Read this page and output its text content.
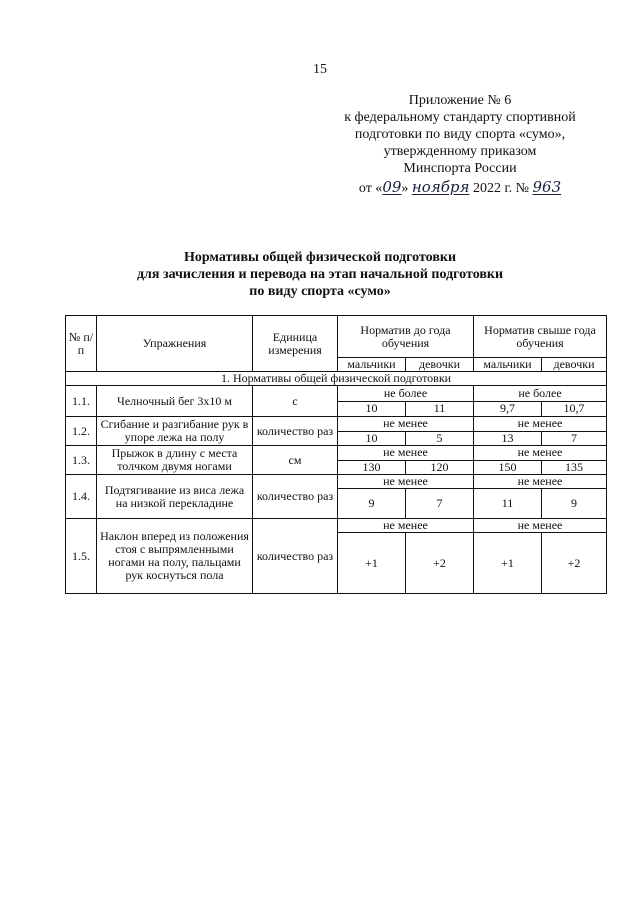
15
Приложение № 6
к федеральному стандарту спортивной
подготовки по виду спорта «сумо»,
утвержденному приказом
Минспорта России
от «09» ноября 2022 г. № 963
Нормативы общей физической подготовки
для зачисления и перевода на этап начальной подготовки
по виду спорта «сумо»
№ п/п	Упражнения	Единица измерения	Норматив до года обучения		Норматив свыше года обучения	
			мальчики	девочки	мальчики	девочки
1. Нормативы общей физической подготовки						
1.1.	Челночный бег 3х10 м	с	не более		не более	
			10	11	9,7	10,7
1.2.	Сгибание и разгибание рук в упоре лежа на полу	количество раз	не менее		не менее	
			10	5	13	7
1.3.	Прыжок в длину с места толчком двумя ногами	см	не менее		не менее	
			130	120	150	135
1.4.	Подтягивание из виса лежа на низкой перекладине	количество раз	не менее		не менее	
			9	7	11	9
1.5.	Наклон вперед из положения стоя с выпрямленными ногами на полу, пальцами рук коснуться пола	количество раз	не менее		не менее	
			+1	+2	+1	+2
